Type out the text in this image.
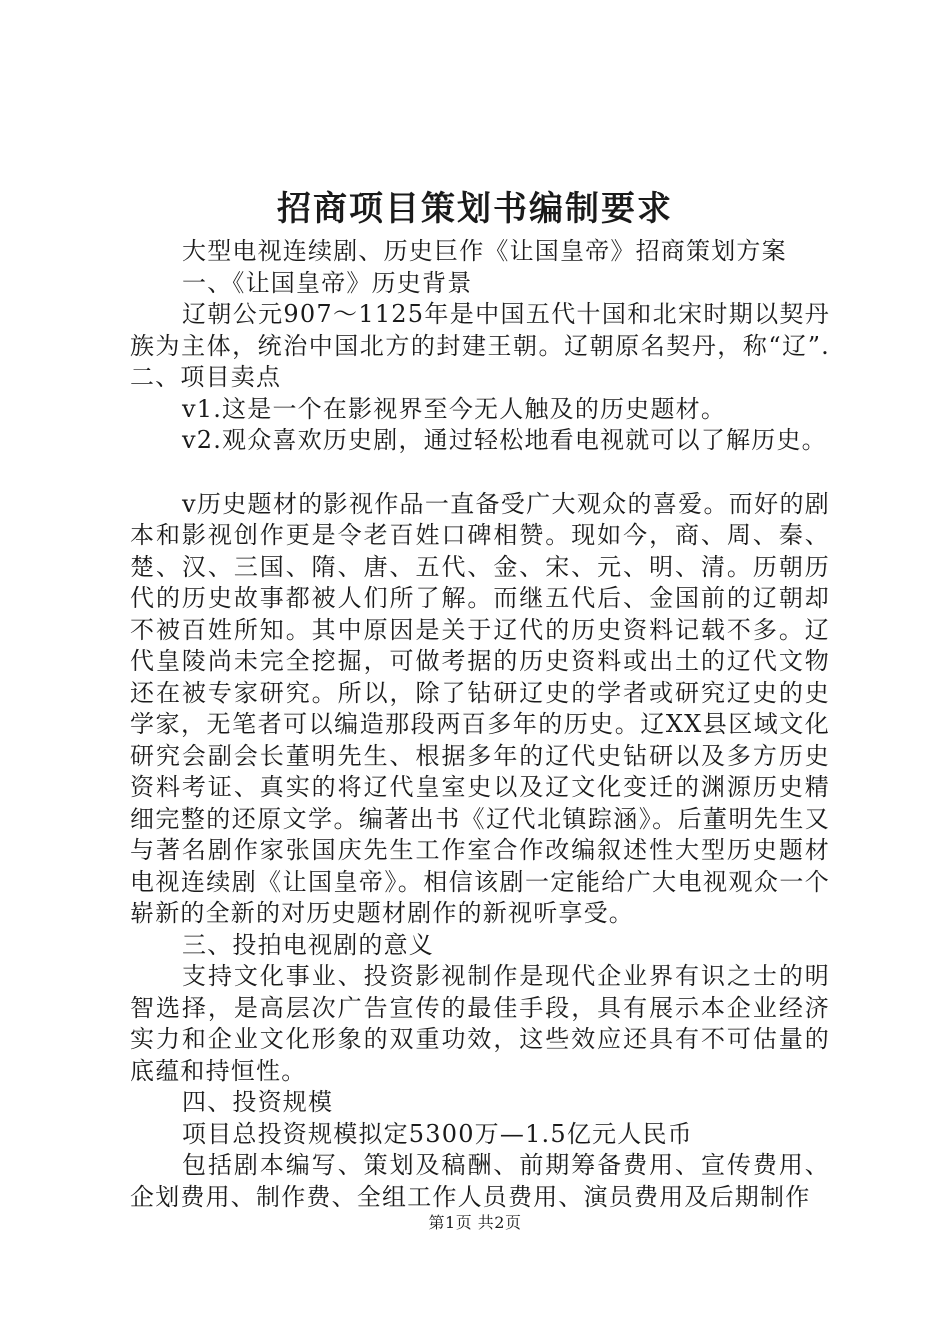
招商项目策划书编制要求

大型电视连续剧、历史巨作《让国皇帝》招商策划方案

一、《让国皇帝》历史背景

辽朝公元907～1125年是中国五代十国和北宋时期以契丹族为主体，统治中国北方的封建王朝。辽朝原名契丹，称“辽”.二、项目卖点

v1.这是一个在影视界至今无人触及的历史题材。

v2.观众喜欢历史剧，通过轻松地看电视就可以了解历史。

v历史题材的影视作品一直备受广大观众的喜爱。而好的剧本和影视创作更是令老百姓口碑相赞。现如今，商、周、秦、楚、汉、三国、隋、唐、五代、金、宋、元、明、清。历朝历代的历史故事都被人们所了解。而继五代后、金国前的辽朝却不被百姓所知。其中原因是关于辽代的历史资料记载不多。辽代皇陵尚未完全挖掘，可做考据的历史资料或出土的辽代文物还在被专家研究。所以，除了钻研辽史的学者或研究辽史的史学家，无笔者可以编造那段两百多年的历史。辽XX县区域文化研究会副会长董明先生、根据多年的辽代史钻研以及多方历史资料考证、真实的将辽代皇室史以及辽文化变迁的渊源历史精细完整的还原文学。编著出书《辽代北镇踪涵》。后董明先生又与著名剧作家张国庆先生工作室合作改编叙述性大型历史题材电视连续剧《让国皇帝》。相信该剧一定能给广大电视观众一个崭新的全新的对历史题材剧作的新视听享受。

三、投拍电视剧的意义

支持文化事业、投资影视制作是现代企业界有识之士的明智选择，是高层次广告宣传的最佳手段，具有展示本企业经济实力和企业文化形象的双重功效，这些效应还具有不可估量的底蕴和持恒性。

四、投资规模

项目总投资规模拟定5300万—1.5亿元人民币

包括剧本编写、策划及稿酬、前期筹备费用、宣传费用、企划费用、制作费、全组工作人员费用、演员费用及后期制作

第1页 共2页
